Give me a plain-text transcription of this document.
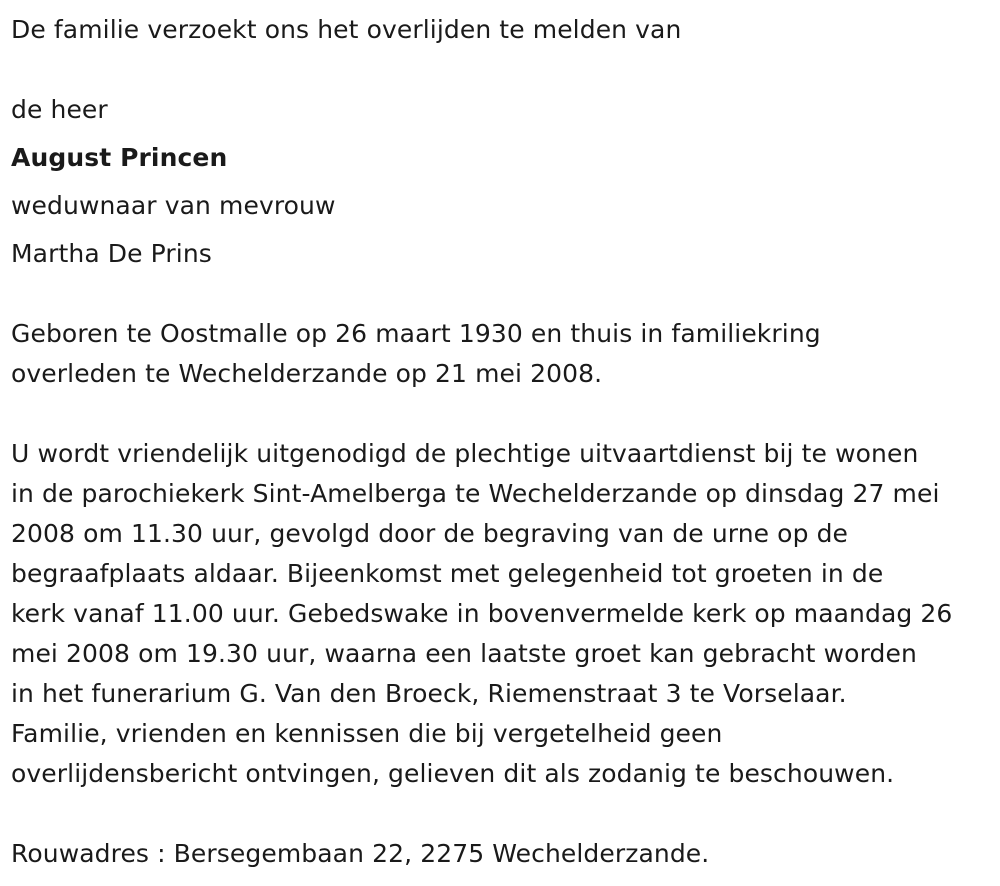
De familie verzoekt ons het overlijden te melden van

de heer

August Princen

weduwnaar van mevrouw

Martha De Prins

Geboren te Oostmalle op 26 maart 1930 en thuis in familiekring

overleden te Wechelderzande op 21 mei 2008.

U wordt vriendelijk uitgenodigd de plechtige uitvaartdienst bij te wonen

in de parochiekerk Sint-Amelberga te Wechelderzande op dinsdag 27 mei

2008 om 11.30 uur, gevolgd door de begraving van de urne op de

begraafplaats aldaar. Bijeenkomst met gelegenheid tot groeten in de

kerk vanaf 11.00 uur. Gebedswake in bovenvermelde kerk op maandag 26

mei 2008 om 19.30 uur, waarna een laatste groet kan gebracht worden

in het funerarium G. Van den Broeck, Riemenstraat 3 te Vorselaar.

Familie, vrienden en kennissen die bij vergetelheid geen

overlijdensbericht ontvingen, gelieven dit als zodanig te beschouwen.

Rouwadres : Bersegembaan 22, 2275 Wechelderzande.
